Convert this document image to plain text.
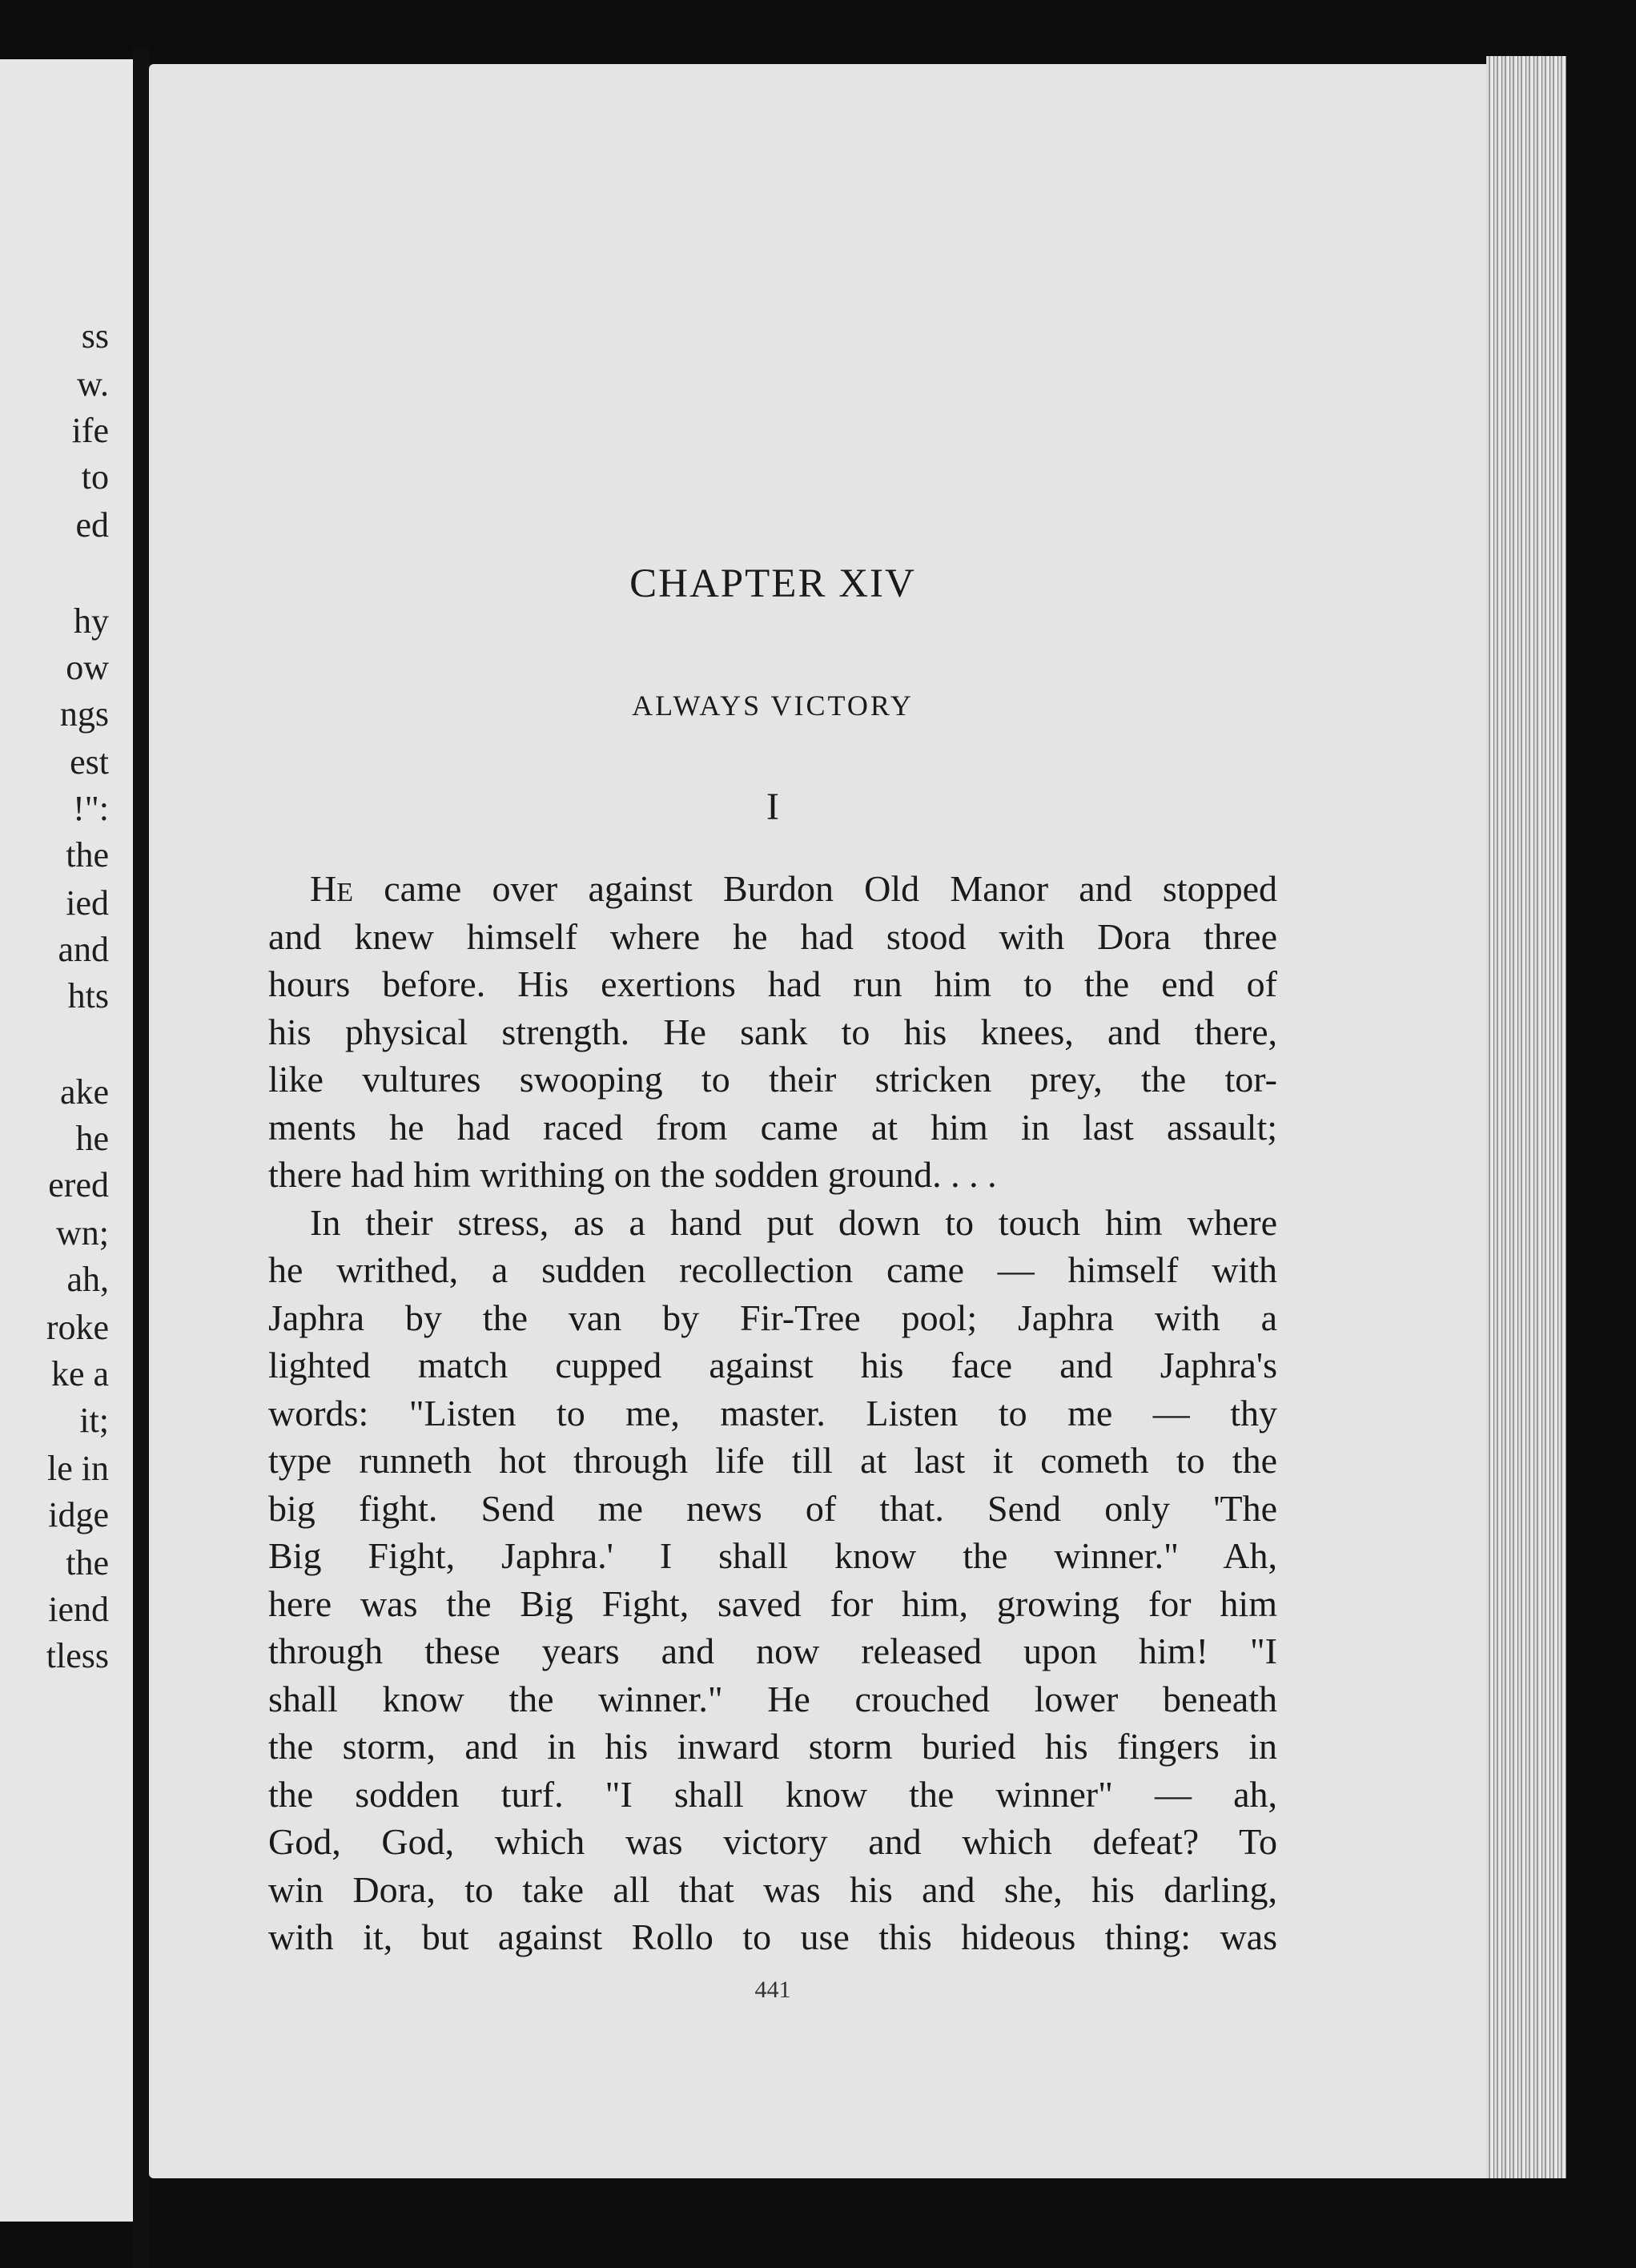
ss
w.
ife
to
ed
hy
ow
ngs
est
!":
the
ied
and
hts
ake
he
ered
wn;
ah,
roke
ke a
it;
le in
idge
the
iend
tless
CHAPTER XIV
ALWAYS VICTORY
I
HE came over against Burdon Old Manor and stopped
and knew himself where he had stood with Dora three
hours before. His exertions had run him to the end of
his physical strength. He sank to his knees, and there,
like vultures swooping to their stricken prey, the tor-
ments he had raced from came at him in last assault;
there had him writhing on the sodden ground. . . .
In their stress, as a hand put down to touch him where
he writhed, a sudden recollection came — himself with
Japhra by the van by Fir-Tree pool; Japhra with a
lighted match cupped against his face and Japhra's
words: "Listen to me, master. Listen to me — thy
type runneth hot through life till at last it cometh to the
big fight. Send me news of that. Send only 'The
Big Fight, Japhra.' I shall know the winner." Ah,
here was the Big Fight, saved for him, growing for him
through these years and now released upon him! "I
shall know the winner." He crouched lower beneath
the storm, and in his inward storm buried his fingers in
the sodden turf. "I shall know the winner" — ah,
God, God, which was victory and which defeat? To
win Dora, to take all that was his and she, his darling,
with it, but against Rollo to use this hideous thing: was
441
